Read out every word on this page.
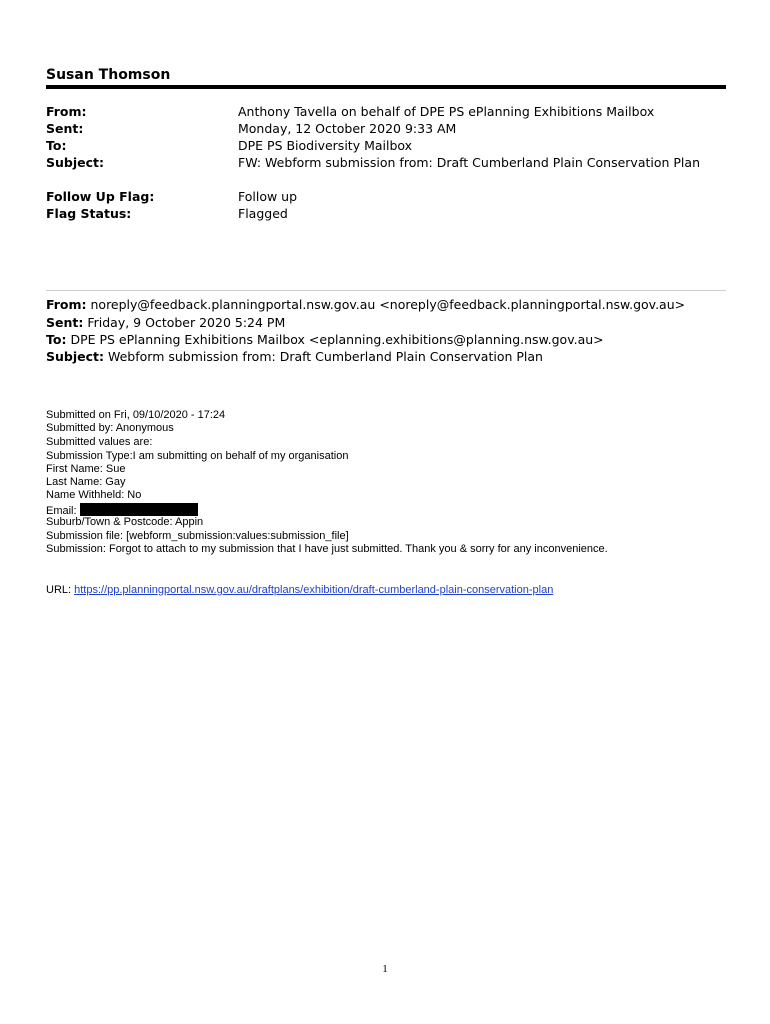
Susan Thomson
From:	Anthony Tavella on behalf of DPE PS ePlanning Exhibitions Mailbox
Sent:	Monday, 12 October 2020 9:33 AM
To:	DPE PS Biodiversity Mailbox
Subject:	FW: Webform submission from: Draft Cumberland Plain Conservation Plan
Follow Up Flag:	Follow up
Flag Status:	Flagged
From: noreply@feedback.planningportal.nsw.gov.au <noreply@feedback.planningportal.nsw.gov.au>
Sent: Friday, 9 October 2020 5:24 PM
To: DPE PS ePlanning Exhibitions Mailbox <eplanning.exhibitions@planning.nsw.gov.au>
Subject: Webform submission from: Draft Cumberland Plain Conservation Plan
Submitted on Fri, 09/10/2020 - 17:24
Submitted by: Anonymous
Submitted values are:
Submission Type:I am submitting on behalf of my organisation
First Name: Sue
Last Name: Gay
Name Withheld: No
Email:
Suburb/Town & Postcode: Appin
Submission file: [webform_submission:values:submission_file]
Submission: Forgot to attach to my submission that I have just submitted. Thank you & sorry for any inconvenience.
URL: https://pp.planningportal.nsw.gov.au/draftplans/exhibition/draft-cumberland-plain-conservation-plan
1
